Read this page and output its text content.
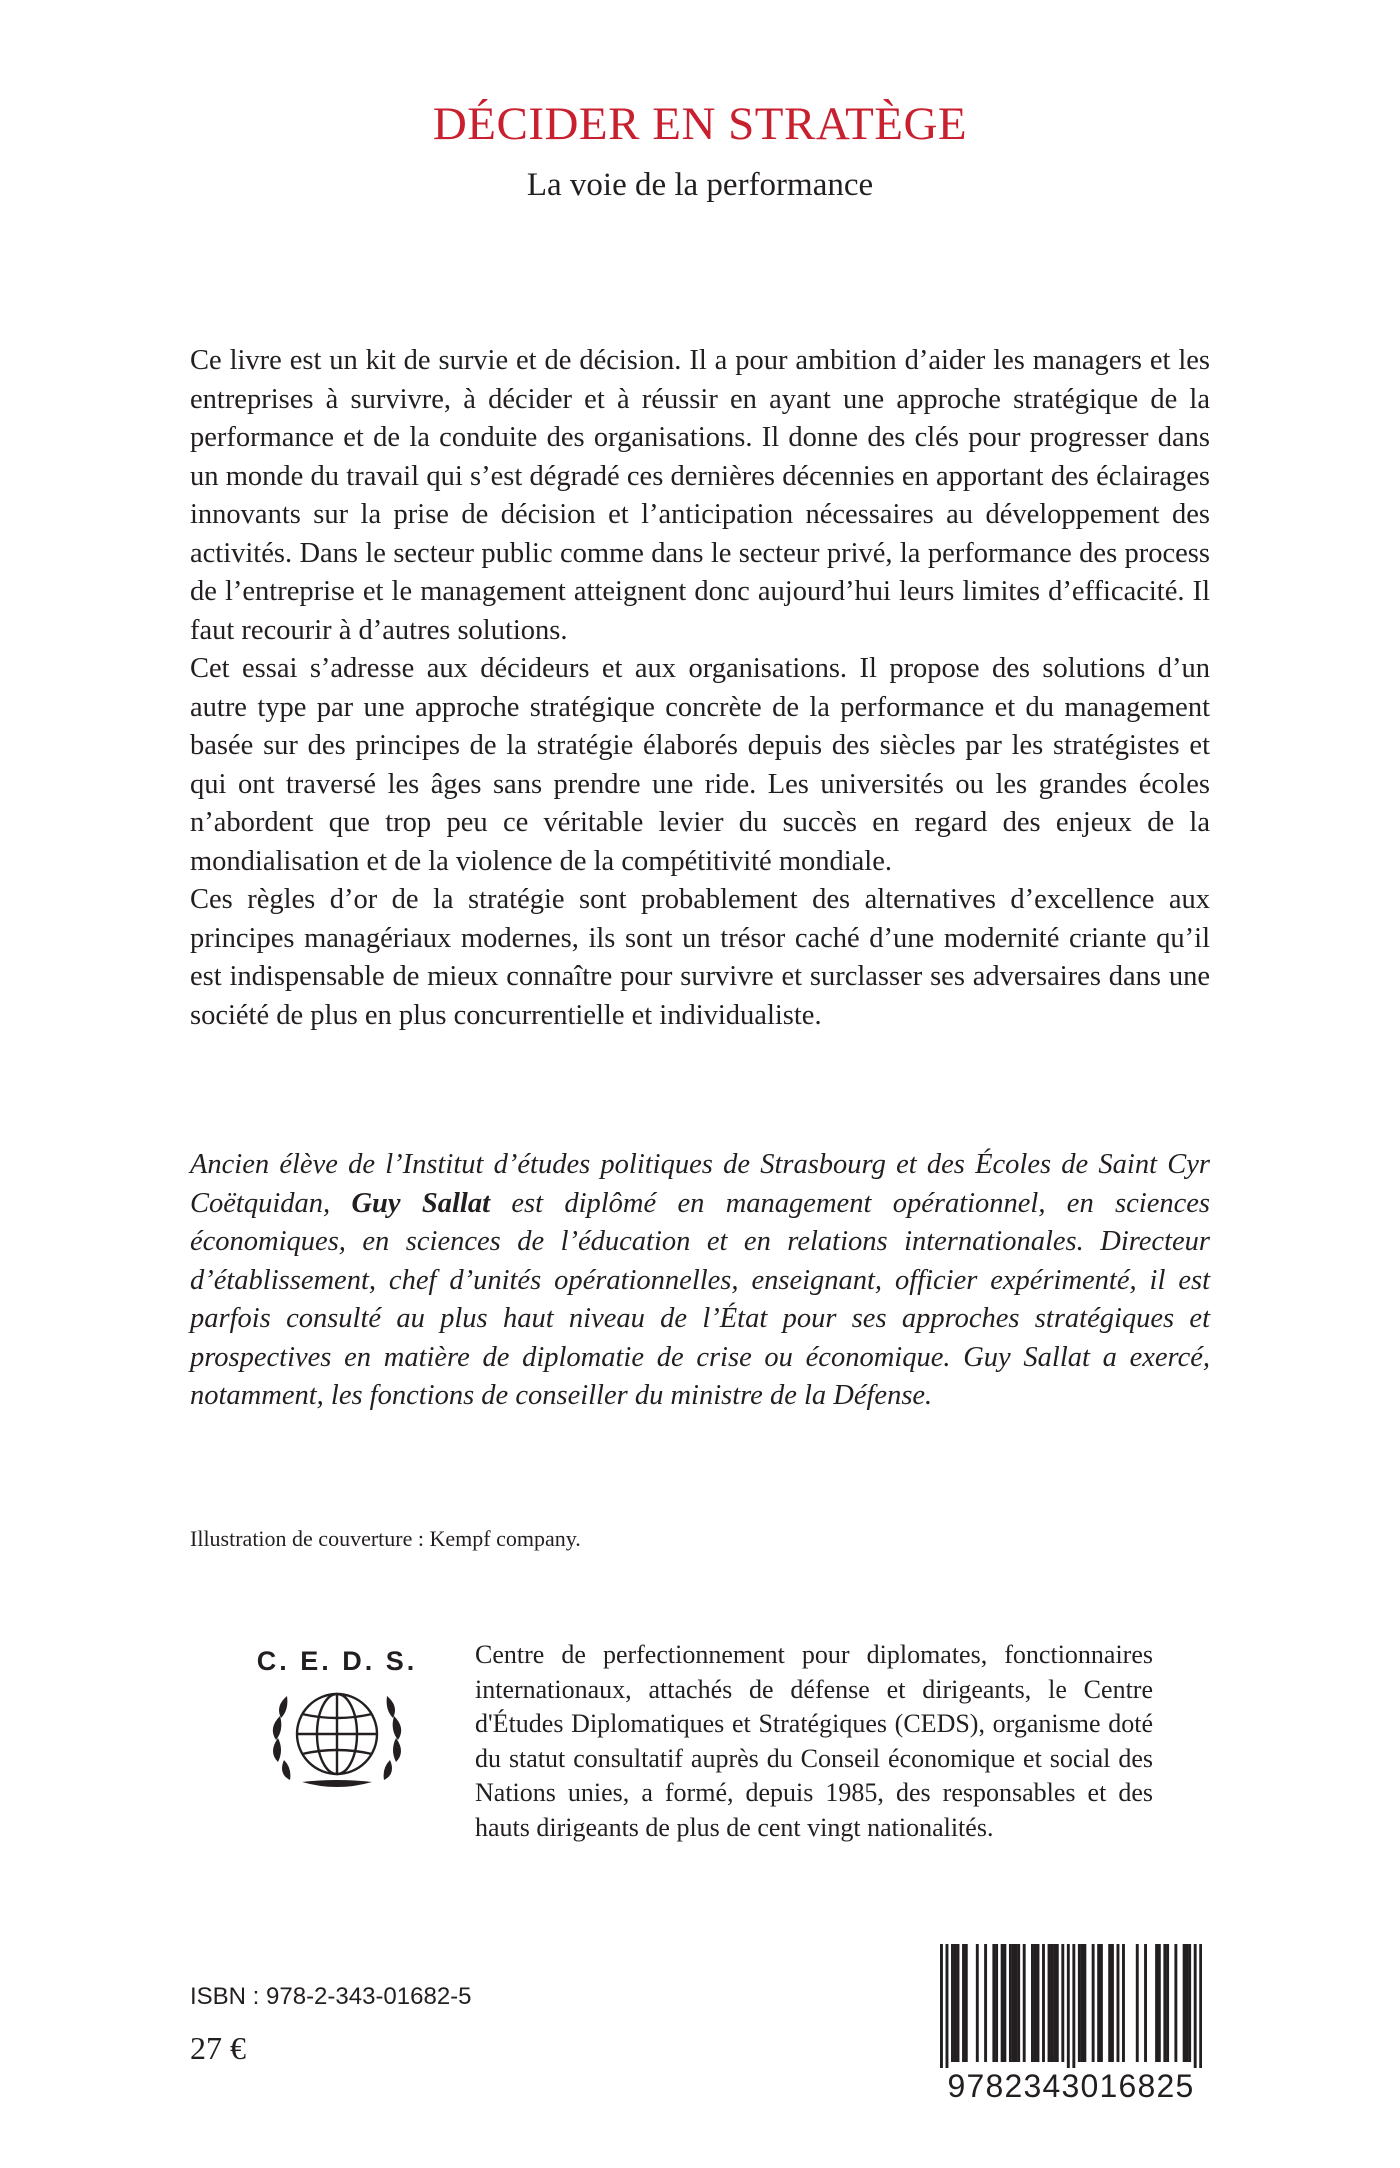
DÉCIDER EN STRATÈGE
La voie de la performance

Ce livre est un kit de survie et de décision. Il a pour ambition d’aider les managers et les entreprises à survivre, à décider et à réussir en ayant une approche stratégique de la performance et de la conduite des organisations. Il donne des clés pour progresser dans un monde du travail qui s’est dégradé ces dernières décennies en apportant des éclairages innovants sur la prise de décision et l’anticipation nécessaires au développement des activités. Dans le secteur public comme dans le secteur privé, la performance des process de l’entreprise et le management atteignent donc aujourd’hui leurs limites d’efficacité. Il faut recourir à d’autres solutions.

Cet essai s’adresse aux décideurs et aux organisations. Il propose des solutions d’un autre type par une approche stratégique concrète de la performance et du management basée sur des principes de la stratégie élaborés depuis des siècles par les stratégistes et qui ont traversé les âges sans prendre une ride. Les universités ou les grandes écoles n’abordent que trop peu ce véritable levier du succès en regard des enjeux de la mondialisation et de la violence de la compétitivité mondiale.

Ces règles d’or de la stratégie sont probablement des alternatives d’excellence aux principes managériaux modernes, ils sont un trésor caché d’une modernité criante qu’il est indispensable de mieux connaître pour survivre et surclasser ses adversaires dans une société de plus en plus concurrentielle et individualiste.

Ancien élève de l’Institut d’études politiques de Strasbourg et des Écoles de Saint Cyr Coëtquidan, Guy Sallat est diplômé en management opérationnel, en sciences économiques, en sciences de l’éducation et en relations internationales. Directeur d’établissement, chef d’unités opérationnelles, enseignant, officier expérimenté, il est parfois consulté au plus haut niveau de l’État pour ses approches stratégiques et prospectives en matière de diplomatie de crise ou économique. Guy Sallat a exercé, notamment, les fonctions de conseiller du ministre de la Défense.

Illustration de couverture : Kempf company.
C. E. D. S. Centre de perfectionnement pour diplomates, fonctionnaires internationaux, attachés de défense et dirigeants, le Centre d'Études Diplomatiques et Stratégiques (CEDS), organisme doté du statut consultatif auprès du Conseil économique et social des Nations unies, a formé, depuis 1985, des responsables et des hauts dirigeants de plus de cent vingt nationalités.

ISBN : 978-2-343-01682-5
27 €
9782343016825
